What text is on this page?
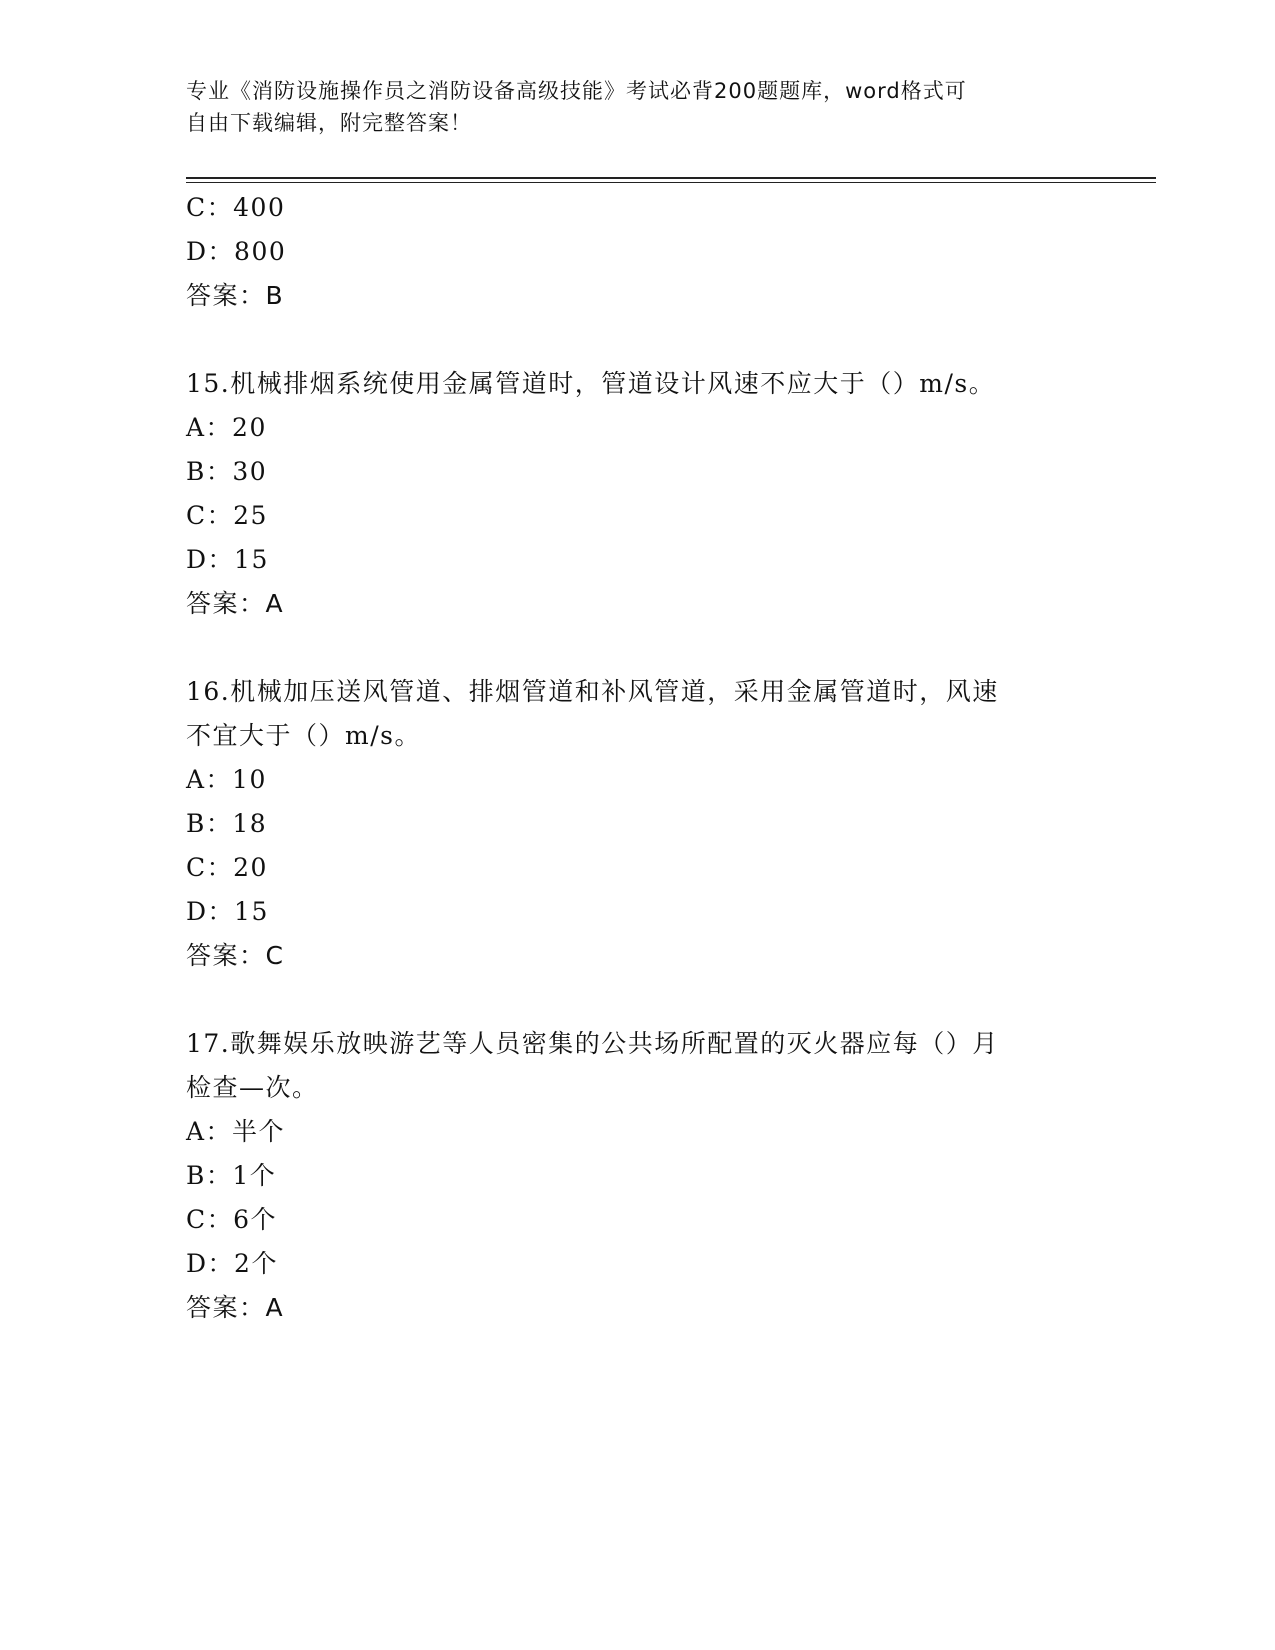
专业《消防设施操作员之消防设备高级技能》考试必背200题题库，word格式可
自由下载编辑，附完整答案！
C：400
D：800
答案：B
15.机械排烟系统使用金属管道时，管道设计风速不应大于（）m/s。
A：20
B：30
C：25
D：15
答案：A
16.机械加压送风管道、排烟管道和补风管道，采用金属管道时，风速
不宜大于（）m/s。
A：10
B：18
C：20
D：15
答案：C
17.歌舞娱乐放映游艺等人员密集的公共场所配置的灭火器应每（）月
检查—次。
A：半个
B：1个
C：6个
D：2个
答案：A
